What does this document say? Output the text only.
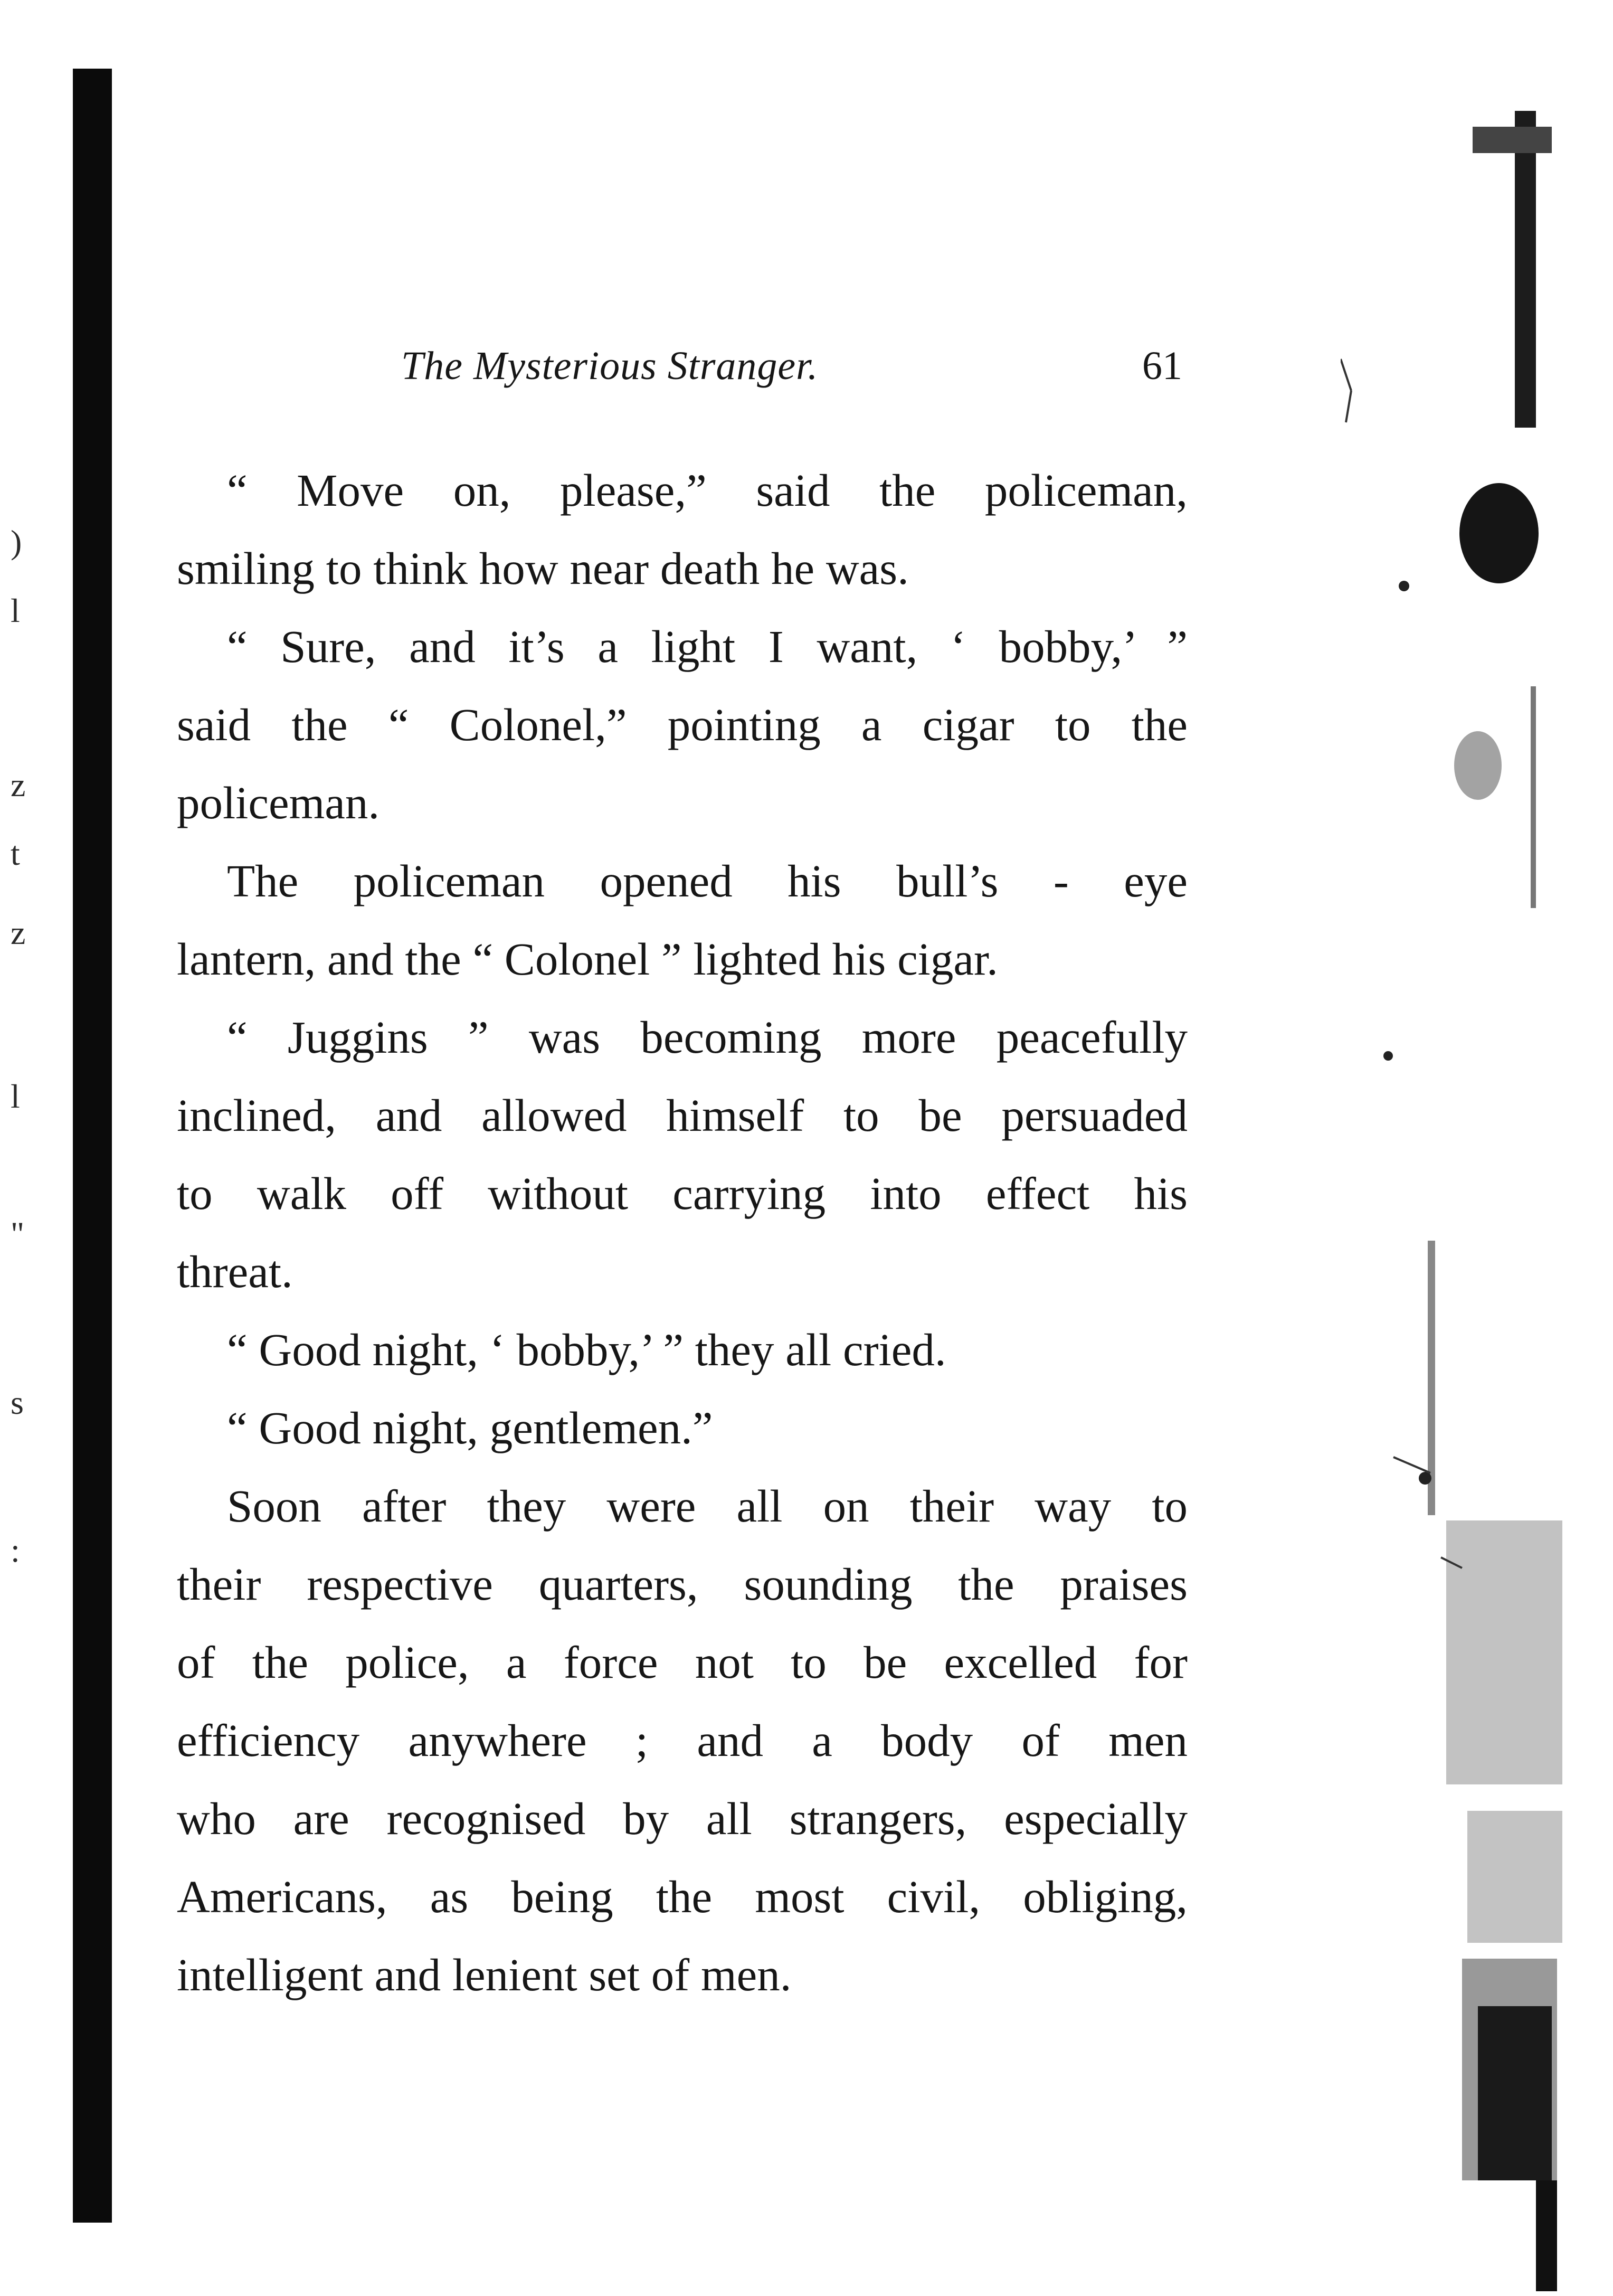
)
l
t
z
z
l
"
s
:
The Mysterious Stranger.	61
“ Move on, please,” said the policeman,
smiling to think how near death he was.
“ Sure, and it’s a light I want, ‘ bobby,’ ”
said the “ Colonel,” pointing a cigar to the
policeman.
The policeman opened his bull’s - eye
lantern, and the “ Colonel ” lighted his cigar.
“ Juggins ” was becoming more peacefully
inclined, and allowed himself to be persuaded
to walk off without carrying into effect his
threat.
“ Good night, ‘ bobby,’ ” they all cried.
“ Good night, gentlemen.”
Soon after they were all on their way to
their respective quarters, sounding the praises
of the police, a force not to be excelled for
efficiency anywhere ; and a body of men
who are recognised by all strangers, especially
Americans, as being the most civil, obliging,
intelligent and lenient set of men.
